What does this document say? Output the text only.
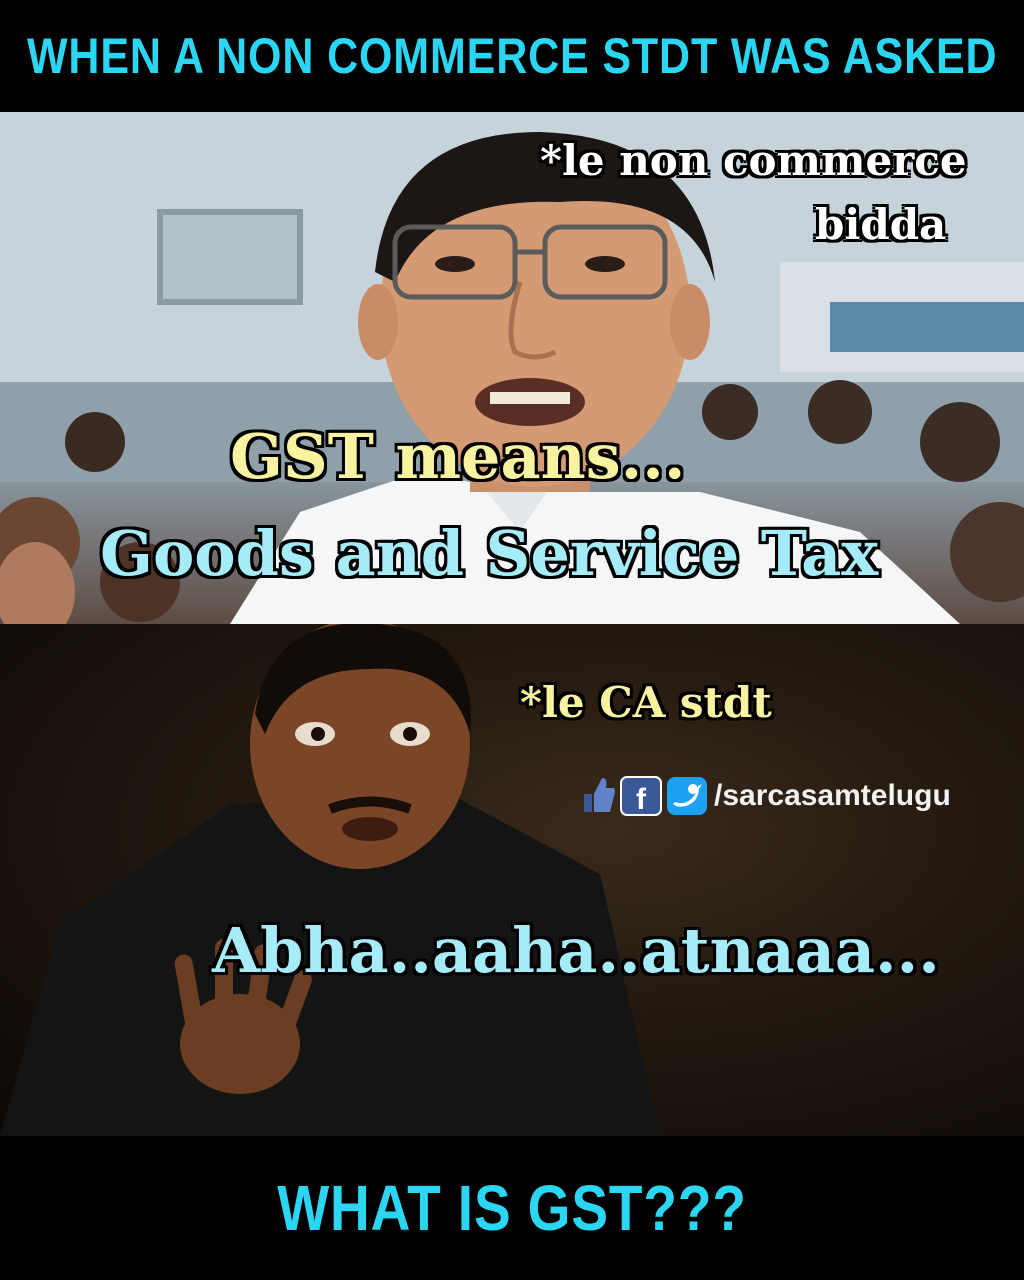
WHEN A NON COMMERCE STDT WAS ASKED
*le non commerce
bidda
GST means...
Goods and Service Tax
*le CA stdt
f /sarcasamtelugu
Abha..aaha..atnaaa...
WHAT IS GST???
